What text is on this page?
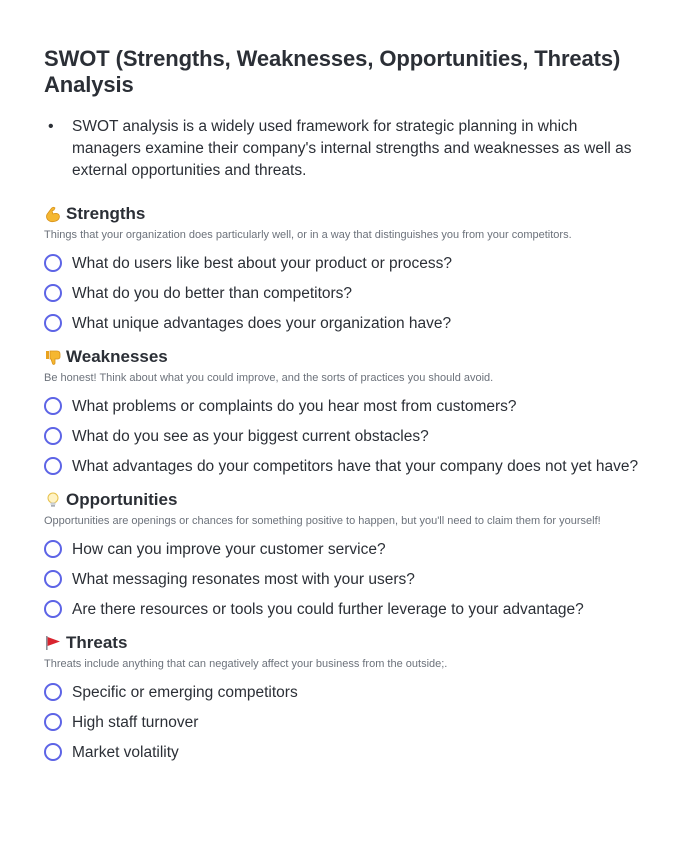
SWOT (Strengths, Weaknesses, Opportunities, Threats) Analysis
•	SWOT analysis is a widely used framework for strategic planning in which managers examine their company's internal strengths and weaknesses as well as external opportunities and threats.
Strengths
Things that your organization does particularly well, or in a way that distinguishes you from your competitors.
What do users like best about your product or process?
What do you do better than competitors?
What unique advantages does your organization have?
Weaknesses
Be honest! Think about what you could improve, and the sorts of practices you should avoid.
What problems or complaints do you hear most from customers?
What do you see as your biggest current obstacles?
What advantages do your competitors have that your company does not yet have?
Opportunities
Opportunities are openings or chances for something positive to happen, but you'll need to claim them for yourself!
How can you improve your customer service?
What messaging resonates most with your users?
Are there resources or tools you could further leverage to your advantage?
Threats
Threats include anything that can negatively affect your business from the outside;.
Specific or emerging competitors
High staff turnover
Market volatility
